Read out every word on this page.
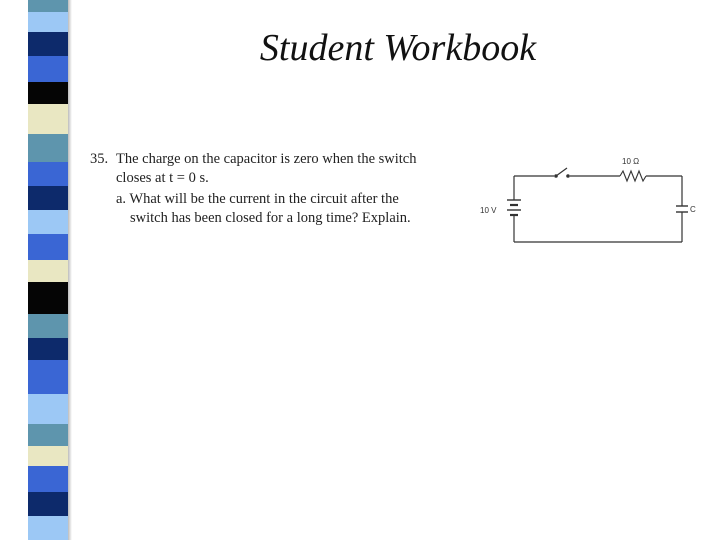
Student Workbook

35. The charge on the capacitor is zero when the switch

closes at t = 0 s.

a. What will be the current in the circuit after the

switch has been closed for a long time? Explain.

10 Ω
C
10 V
